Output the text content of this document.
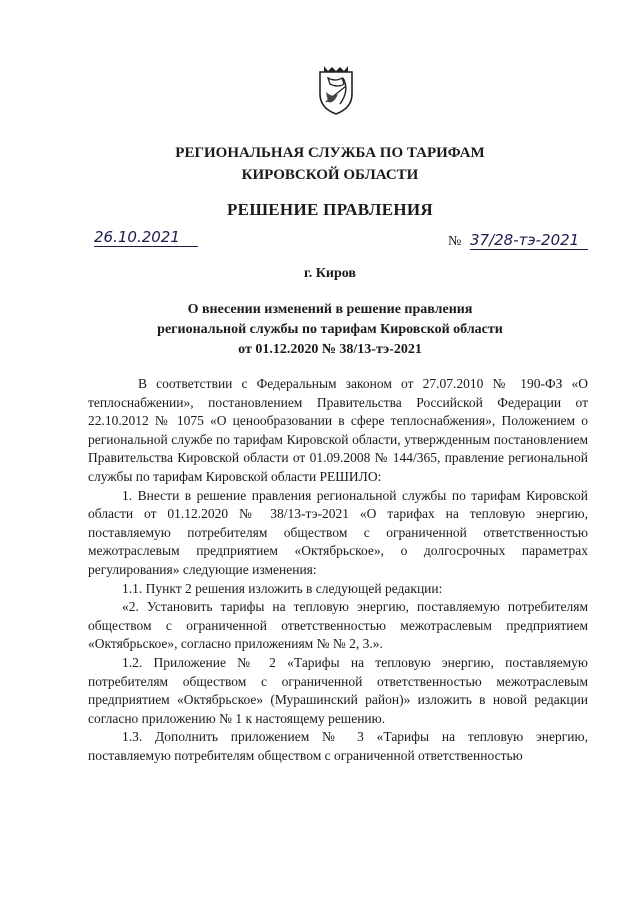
РЕГИОНАЛЬНАЯ СЛУЖБА ПО ТАРИФАМ
КИРОВСКОЙ ОБЛАСТИ
РЕШЕНИЕ ПРАВЛЕНИЯ
26.10.2021	№ 37/28-тэ-2021
г. Киров
О внесении изменений в решение правления
региональной службы по тарифам Кировской области
от 01.12.2020 № 38/13-тэ-2021

В соответствии с Федеральным законом от 27.07.2010 № 190-ФЗ «О теплоснабжении», постановлением Правительства Российской Федерации от 22.10.2012 № 1075 «О ценообразовании в сфере теплоснабжения», Положением о региональной службе по тарифам Кировской области, утвержденным постановлением Правительства Кировской области от 01.09.2008 № 144/365, правление региональной службы по тарифам Кировской области РЕШИЛО:

1. Внести в решение правления региональной службы по тарифам Кировской области от 01.12.2020 № 38/13-тэ-2021 «О тарифах на тепловую энергию, поставляемую потребителям обществом с ограниченной ответственностью межотраслевым предприятием «Октябрьское», о долгосрочных параметрах регулирования» следующие изменения:

1.1. Пункт 2 решения изложить в следующей редакции:

«2. Установить тарифы на тепловую энергию, поставляемую потребителям обществом с ограниченной ответственностью межотраслевым предприятием «Октябрьское», согласно приложениям № № 2, 3.».

1.2. Приложение № 2 «Тарифы на тепловую энергию, поставляемую потребителям обществом с ограниченной ответственностью межотраслевым предприятием «Октябрьское» (Мурашинский район)» изложить в новой редакции согласно приложению № 1 к настоящему решению.

1.3. Дополнить приложением № 3 «Тарифы на тепловую энергию, поставляемую потребителям обществом с ограниченной ответственностью
